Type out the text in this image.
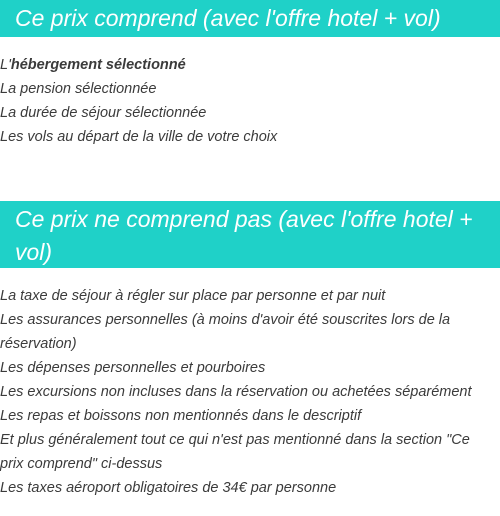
Ce prix comprend (avec l'offre hotel + vol)
L'hébergement sélectionné
La pension sélectionnée
La durée de séjour sélectionnée
Les vols au départ de la ville de votre choix
Ce prix ne comprend pas (avec l'offre hotel + vol)
La taxe de séjour à régler sur place par personne et par nuit
Les assurances personnelles (à moins d'avoir été souscrites lors de la réservation)
Les dépenses personnelles et pourboires
Les excursions non incluses dans la réservation ou achetées séparément
Les repas et boissons non mentionnés dans le descriptif
Et plus généralement tout ce qui n'est pas mentionné dans la section "Ce prix comprend" ci-dessus
Les taxes aéroport obligatoires de 34€ par personne
